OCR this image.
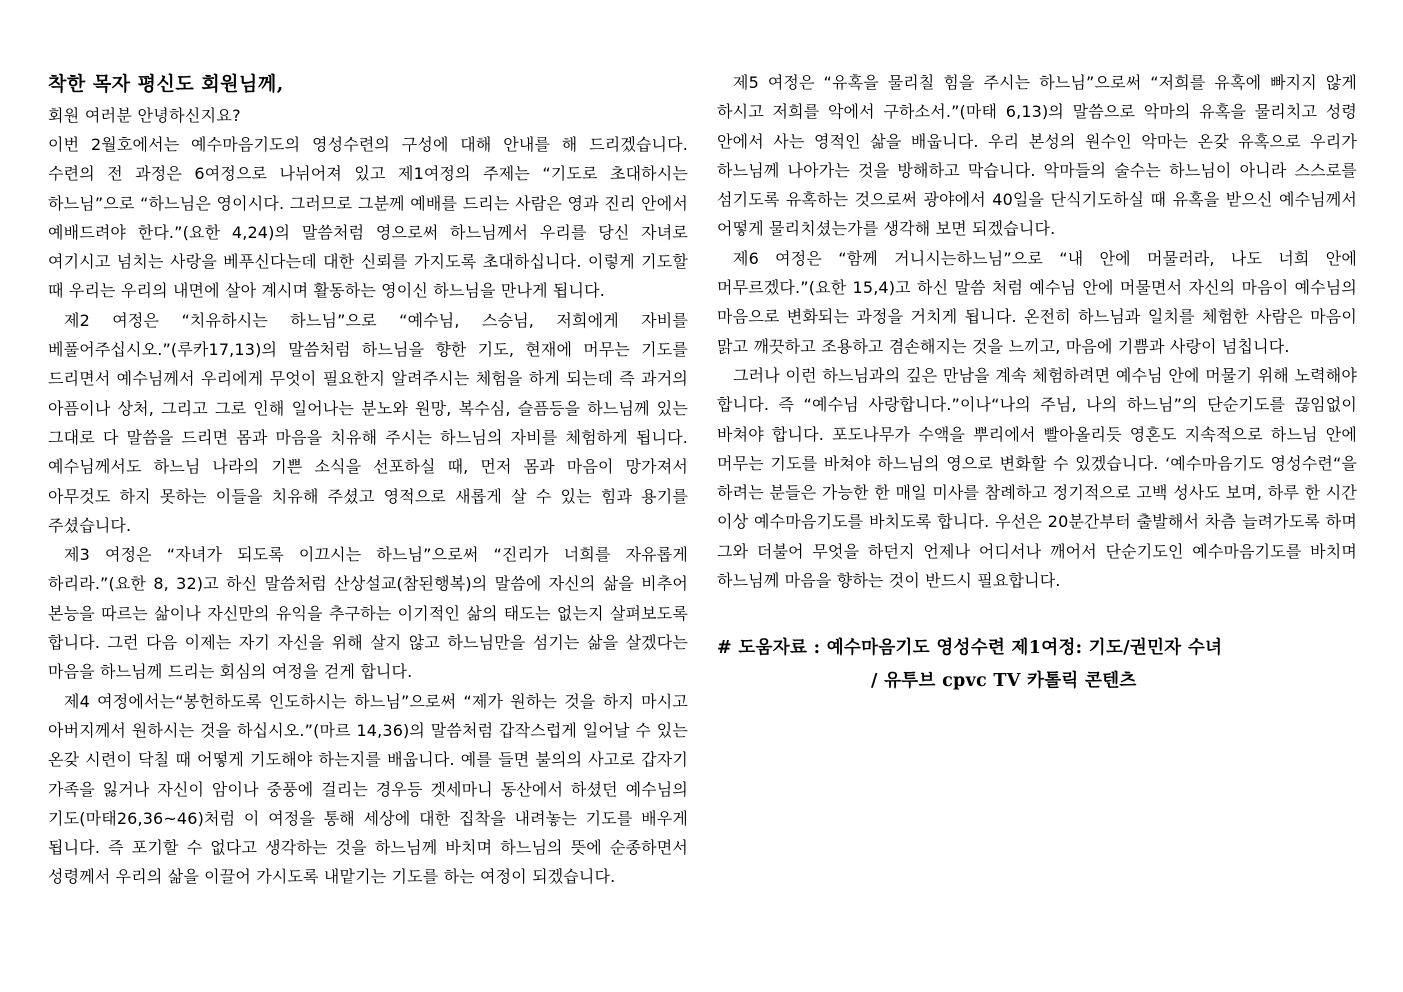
착한 목자 평신도 회원님께,

회원 여러분 안녕하신지요?

이번 2월호에서는 예수마음기도의 영성수련의 구성에 대해 안내를 해 드리겠습니다. 수련의 전 과정은 6여정으로 나뉘어져 있고 제1여정의 주제는 “기도로 초대하시는 하느님”으로 “하느님은 영이시다. 그러므로 그분께 예배를 드리는 사람은 영과 진리 안에서 예배드려야 한다.”(요한 4,24)의 말씀처럼 영으로써 하느님께서 우리를 당신 자녀로 여기시고 넘치는 사랑을 베푸신다는데 대한 신뢰를 가지도록 초대하십니다. 이렇게 기도할 때 우리는 우리의 내면에 살아 계시며 활동하는 영이신 하느님을 만나게 됩니다.

제2 여정은 “치유하시는 하느님”으로 “예수님, 스승님, 저희에게 자비를 베풀어주십시오.”(루카17,13)의 말씀처럼 하느님을 향한 기도, 현재에 머무는 기도를 드리면서 예수님께서 우리에게 무엇이 필요한지 알려주시는 체험을 하게 되는데 즉 과거의 아픔이나 상처, 그리고 그로 인해 일어나는 분노와 원망, 복수심, 슬픔등을 하느님께 있는 그대로 다 말씀을 드리면 몸과 마음을 치유해 주시는 하느님의 자비를 체험하게 됩니다. 예수님께서도 하느님 나라의 기쁜 소식을 선포하실 때, 먼저 몸과 마음이 망가져서 아무것도 하지 못하는 이들을 치유해 주셨고 영적으로 새롭게 살 수 있는 힘과 용기를 주셨습니다.

제3 여정은 “자녀가 되도록 이끄시는 하느님”으로써 “진리가 너희를 자유롭게 하리라.”(요한 8, 32)고 하신 말씀처럼 산상설교(참된행복)의 말씀에 자신의 삶을 비추어 본능을 따르는 삶이나 자신만의 유익을 추구하는 이기적인 삶의 태도는 없는지 살펴보도록 합니다. 그런 다음 이제는 자기 자신을 위해 살지 않고 하느님만을 섬기는 삶을 살겠다는 마음을 하느님께 드리는 회심의 여정을 걷게 합니다.

제4 여정에서는“봉헌하도록 인도하시는 하느님”으로써 “제가 원하는 것을 하지 마시고 아버지께서 원하시는 것을 하십시오.”(마르 14,36)의 말씀처럼 갑작스럽게 일어날 수 있는 온갖 시련이 닥칠 때 어떻게 기도해야 하는지를 배웁니다. 예를 들면 불의의 사고로 갑자기 가족을 잃거나 자신이 암이나 중풍에 걸리는 경우등 겟세마니 동산에서 하셨던 예수님의 기도(마태26,36~46)처럼 이 여정을 통해 세상에 대한 집착을 내려놓는 기도를 배우게 됩니다. 즉 포기할 수 없다고 생각하는 것을 하느님께 바치며 하느님의 뜻에 순종하면서 성령께서 우리의 삶을 이끌어 가시도록 내맡기는 기도를 하는 여정이 되겠습니다.

제5 여정은 “유혹을 물리칠 힘을 주시는 하느님”으로써 “저희를 유혹에 빠지지 않게 하시고 저희를 악에서 구하소서.”(마태 6,13)의 말씀으로 악마의 유혹을 물리치고 성령 안에서 사는 영적인 삶을 배웁니다. 우리 본성의 원수인 악마는 온갖 유혹으로 우리가 하느님께 나아가는 것을 방해하고 막습니다. 악마들의 술수는 하느님이 아니라 스스로를 섬기도록 유혹하는 것으로써 광야에서 40일을 단식기도하실 때 유혹을 받으신 예수님께서 어떻게 물리치셨는가를 생각해 보면 되겠습니다.

제6 여정은 “함께 거니시는하느님”으로 “내 안에 머물러라, 나도 너희 안에 머무르겠다.”(요한 15,4)고 하신 말씀 처럼 예수님 안에 머물면서 자신의 마음이 예수님의 마음으로 변화되는 과정을 거치게 됩니다. 온전히 하느님과 일치를 체험한 사람은 마음이 맑고 깨끗하고 조용하고 겸손해지는 것을 느끼고, 마음에 기쁨과 사랑이 넘칩니다.

그러나 이런 하느님과의 깊은 만남을 계속 체험하려면 예수님 안에 머물기 위해 노력해야 합니다. 즉 “예수님 사랑합니다.”이나“나의 주님, 나의 하느님”의 단순기도를 끊임없이 바쳐야 합니다. 포도나무가 수액을 뿌리에서 빨아올리듯 영혼도 지속적으로 하느님 안에 머무는 기도를 바쳐야 하느님의 영으로 변화할 수 있겠습니다. ‘예수마음기도 영성수련“을 하려는 분들은 가능한 한 매일 미사를 참례하고 정기적으로 고백 성사도 보며, 하루 한 시간 이상 예수마음기도를 바치도록 합니다. 우선은 20분간부터 출발해서 차츰 늘려가도록 하며 그와 더불어 무엇을 하던지 언제나 어디서나 깨어서 단순기도인 예수마음기도를 바치며 하느님께 마음을 향하는 것이 반드시 필요합니다.

# 도움자료 : 예수마음기도 영성수련 제1여정: 기도/권민자 수녀
/ 유투브 cpvc TV 카톨릭 콘텐츠
